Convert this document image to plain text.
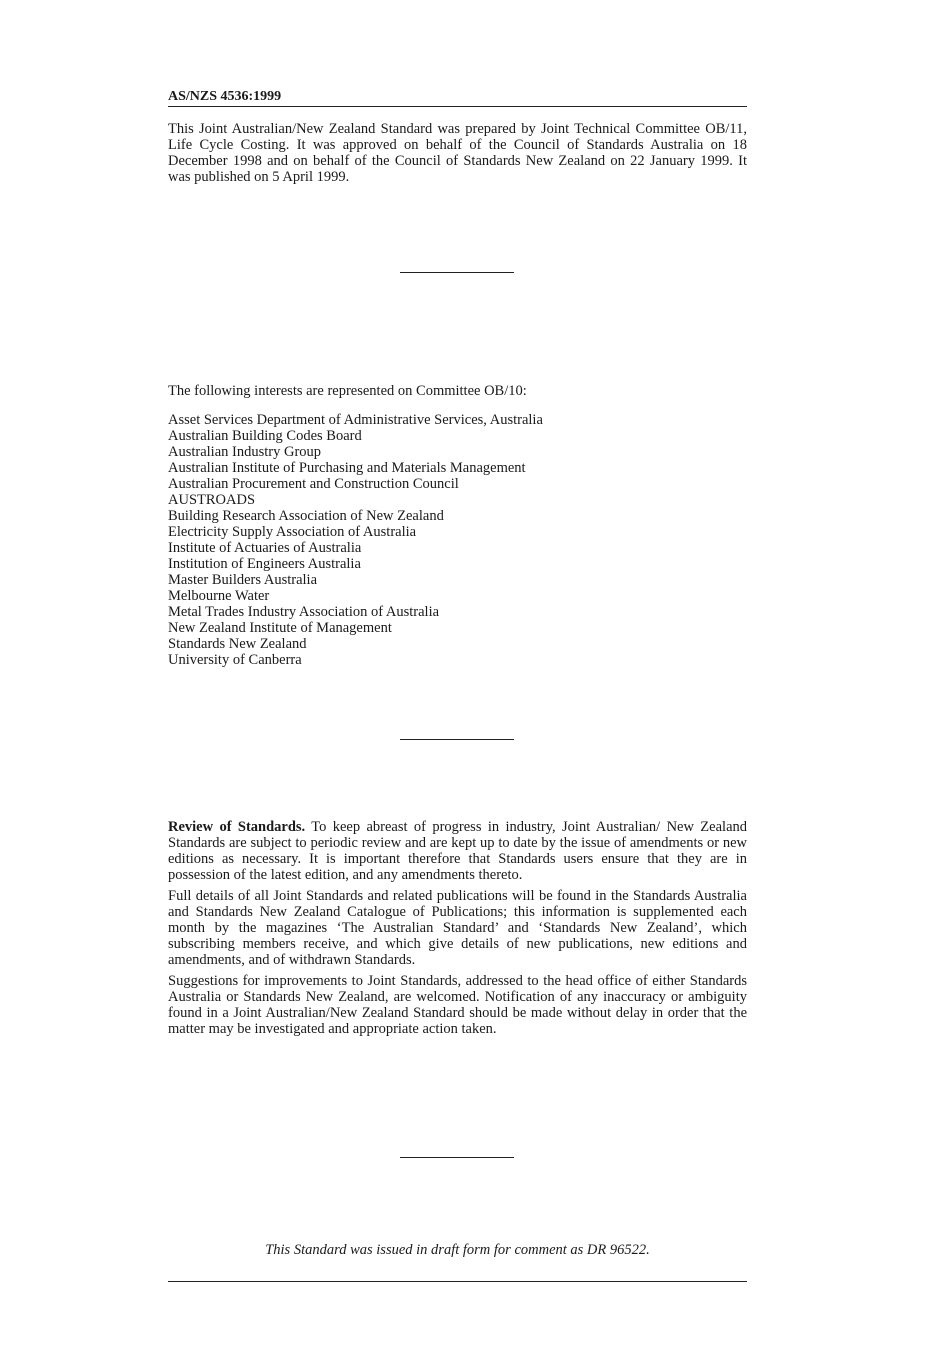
AS/NZS 4536:1999

This Joint Australian/New Zealand Standard was prepared by Joint Technical Committee OB/11, Life Cycle Costing. It was approved on behalf of the Council of Standards Australia on 18 December 1998 and on behalf of the Council of Standards New Zealand on 22 January 1999. It was published on 5 April 1999.

The following interests are represented on Committee OB/10:

Asset Services Department of Administrative Services, Australia
Australian Building Codes Board
Australian Industry Group
Australian Institute of Purchasing and Materials Management
Australian Procurement and Construction Council
AUSTROADS
Building Research Association of New Zealand
Electricity Supply Association of Australia
Institute of Actuaries of Australia
Institution of Engineers Australia
Master Builders Australia
Melbourne Water
Metal Trades Industry Association of Australia
New Zealand Institute of Management
Standards New Zealand
University of Canberra

Review of Standards. To keep abreast of progress in industry, Joint Australian/ New Zealand Standards are subject to periodic review and are kept up to date by the issue of amendments or new editions as necessary. It is important therefore that Standards users ensure that they are in possession of the latest edition, and any amendments thereto.

Full details of all Joint Standards and related publications will be found in the Standards Australia and Standards New Zealand Catalogue of Publications; this information is supplemented each month by the magazines ‘The Australian Standard’ and ‘Standards New Zealand’, which subscribing members receive, and which give details of new publications, new editions and amendments, and of withdrawn Standards.

Suggestions for improvements to Joint Standards, addressed to the head office of either Standards Australia or Standards New Zealand, are welcomed. Notification of any inaccuracy or ambiguity found in a Joint Australian/New Zealand Standard should be made without delay in order that the matter may be investigated and appropriate action taken.

This Standard was issued in draft form for comment as DR 96522.
